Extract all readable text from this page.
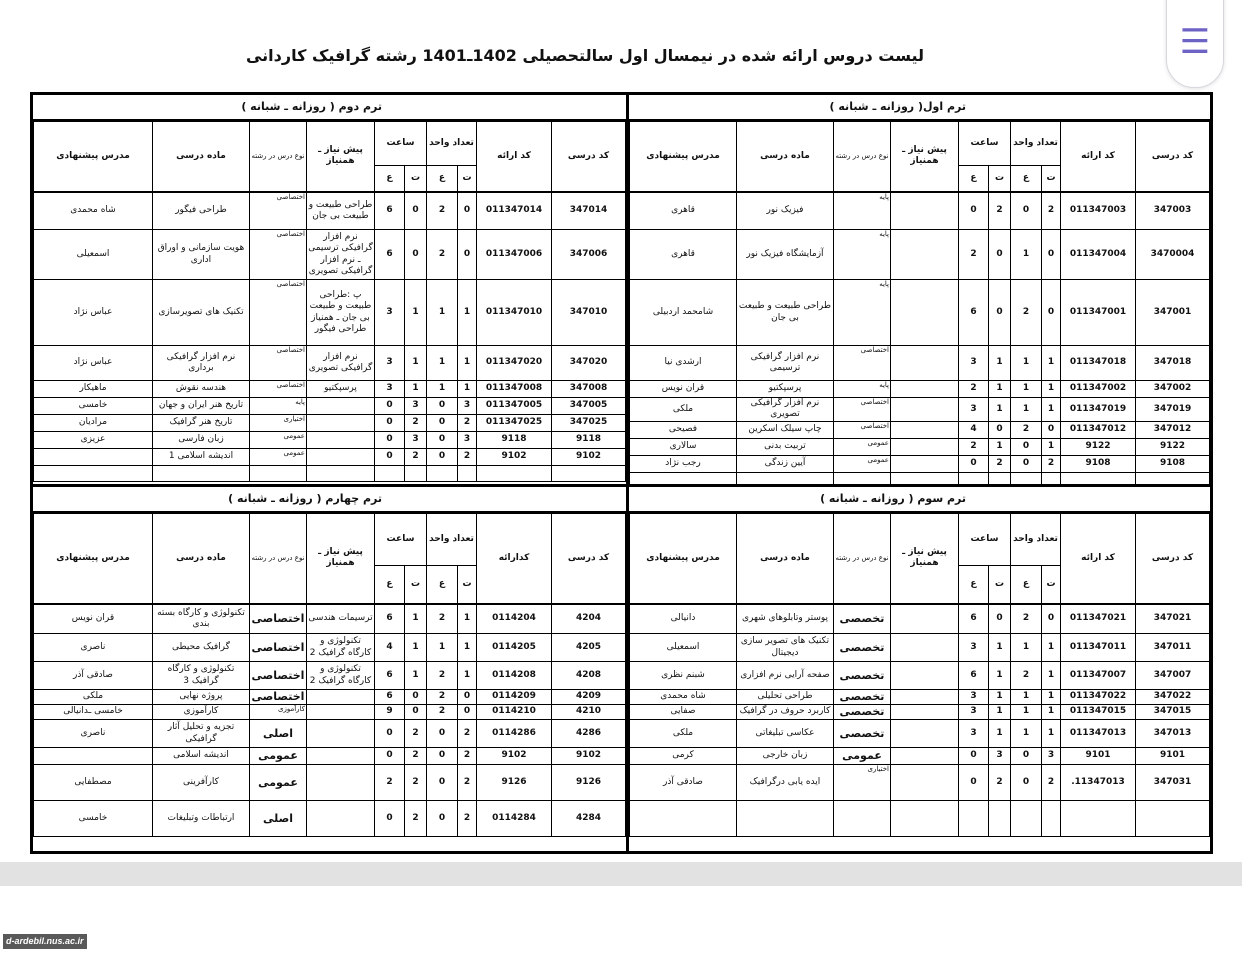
☰
لیست دروس ارائه شده در نیمسال اول سالتحصیلی 1402ـ1401 رشته گرافیک کاردانی
ترم اول( روزانه ـ شبانه )
کد درسی	کد ارائه	تعداد واحد		ساعت		پیش نیاز ـ همنیاز	نوع درس در رشته	ماده درسی	مدرس پیشنهادی
		ت	ع	ت	ع				
347003	011347003	2	0	2	0		پایه	فیزیک نور	قاهری
3470004	011347004	0	1	0	2		پایه	آزمایشگاه فیزیک نور	قاهری
347001	011347001	0	2	0	6		پایه	طراحی طبیعت و طبیعت بی جان	شامحمد اردبیلی
347018	011347018	1	1	1	3		اختصاصی	نرم افزار گرافیکی ترسیمی	ارشدی نیا
347002	011347002	1	1	1	2		پایه	پرسپکتیو	قران نویس
347019	011347019	1	1	1	3		اختصاصی	نرم افزار گرافیکی تصویری	ملکی
347012	011347012	0	2	0	4		اختصاصی	چاپ سیلک اسکرین	فصیحی
9122	9122	1	0	1	2		عمومی	تربیت بدنی	سالاری
9108	9108	2	0	2	0		عمومی	آیین زندگی	رجب نژاد

ترم دوم ( روزانه ـ شبانه )
کد درسی	کد ارائه	تعداد واحد		ساعت		پیش نیاز ـ همنیاز	نوع درس در رشته	ماده درسی	مدرس پیشنهادی
		ت	ع	ت	ع				
347014	011347014	0	2	0	6	طراحی طبیعت و طبیعت بی جان	اختصاصی	طراحی فیگور	شاه محمدی
347006	011347006	0	2	0	6	نرم افزار گرافیکی ترسیمی ـ نرم افزار گرافیکی تصویری	اختصاصی	هویت سازمانی و اوراق اداری	اسمعیلی
347010	011347010	1	1	1	3	پ :طراحی طبیعت و طبیعت بی جان ـ همنیاز طراحی فیگور	اختصاصی	تکنیک های تصویرسازی	عباس نژاد
347020	011347020	1	1	1	3	نرم افزار گرافیکی تصویری	اختصاصی	نرم افزار گرافیکی برداری	عباس نژاد
347008	011347008	1	1	1	3	پرسپکتیو	اختصاصی	هندسه نقوش	ماهیکار
347005	011347005	3	0	3	0		پایه	تاریخ هنر ایران و جهان	خامسی
347025	011347025	2	0	2	0		اختیاری	تاریخ هنر گرافیک	مرادیان
9118	9118	3	0	3	0		عمومی	زبان فارسی	عزیزی
9102	9102	2	0	2	0		عمومی	اندیشه اسلامی 1	

ترم سوم ( روزانه ـ شبانه )
کد درسی	کد ارائه	تعداد واحد		ساعت		پیش نیاز ـ همنیاز	نوع درس در رشته	ماده درسی	مدرس پیشنهادی
		ت	ع	ت	ع				
347021	011347021	0	2	0	6		تخصصی	پوستر وتابلوهای شهری	دانیالی
347011	011347011	1	1	1	3		تخصصی	تکنیک های تصویر سازی دیجیتال	اسمعیلی
347007	011347007	1	2	1	6		تخصصی	صفحه آرایی نرم افزاری	شبنم نظری
347022	011347022	1	1	1	3		تخصصی	طراحی تحلیلی	شاه محمدی
347015	011347015	1	1	1	3		تخصصی	کاربرد حروف در گرافیک	صفایی
347013	011347013	1	1	1	3		تخصصی	عکاسی تبلیغاتی	ملکی
9101	9101	3	0	3	0		عمومی	زبان خارجی	کرمی
347031	11347013.	2	0	2	0		اختیاری	ایده یابی درگرافیک	صادقی آذر

ترم چهارم ( روزانه ـ شبانه )
کد درسی	کدارائه	تعداد واحد		ساعت		پیش نیاز ـ همنیاز	نوع درس در رشته	ماده درسی	مدرس پیشنهادی
		ت	ع	ت	ع				
4204	0114204	1	2	1	6	ترسیمات هندسی	اختصاصی	تکنولوژی و کارگاه بسته بندی	قران نویس
4205	0114205	1	1	1	4	تکنولوژی و کارگاه گرافیک 2	اختصاصی	گرافیک محیطی	ناصری
4208	0114208	1	2	1	6	تکنولوژی و کارگاه گرافیک 2	اختصاصی	تکنولوژی و کارگاه گرافیک 3	صادقی آذر
4209	0114209	0	2	0	6		اختصاصی	پروژه نهایی	ملکی
4210	0114210	0	2	0	9		کارآموزی	کارآموزی	خامسی ـدانیالی
4286	0114286	2	0	2	0		اصلی	تجزیه و تحلیل آثار گرافیکی	ناصری
9102	9102	2	0	2	0		عمومی	اندیشه اسلامی	
9126	9126	2	0	2	2		عمومی	کارآفرینی	مصطفایی
4284	0114284	2	0	2	0		اصلی	ارتباطات وتبلیغات	خامسی
d-ardebil.nus.ac.ir
